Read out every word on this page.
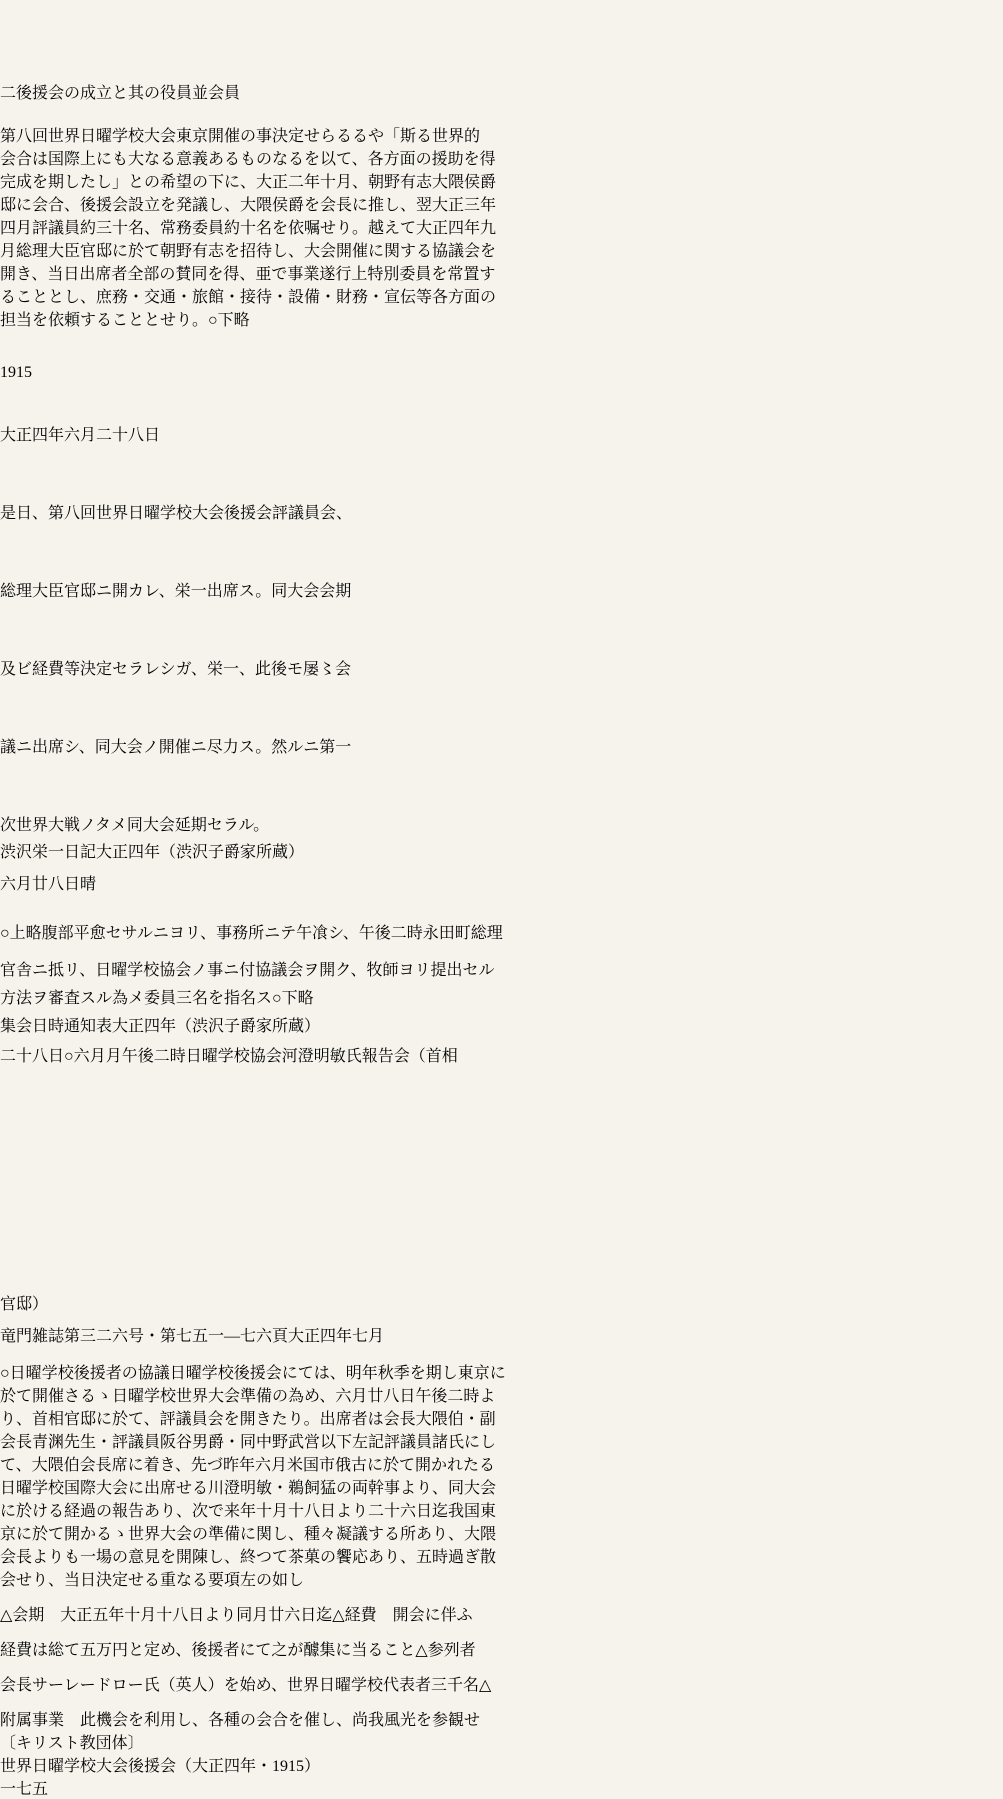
二後援会の成立と其の役員並会員
第八回世界日曜学校大会東京開催の事決定せらるるや「斯る世界的
会合は国際上にも大なる意義あるものなるを以て、各方面の援助を得
完成を期したし」との希望の下に、大正二年十月、朝野有志大隈侯爵
邸に会合、後援会設立を発議し、大隈侯爵を会長に推し、翌大正三年
四月評議員約三十名、常務委員約十名を依嘱せり。越えて大正四年九
月総理大臣官邸に於て朝野有志を招待し、大会開催に関する協議会を
開き、当日出席者全部の賛同を得、亜で事業遂行上特別委員を常置す
ることとし、庶務・交通・旅館・接待・設備・財務・宣伝等各方面の
担当を依頼することとせり。○下略
1915
大正四年六月二十八日
是日、第八回世界日曜学校大会後援会評議員会、
総理大臣官邸ニ開カレ、栄一出席ス。同大会会期
及ビ経費等決定セラレシガ、栄一、此後モ屡〻会
議ニ出席シ、同大会ノ開催ニ尽力ス。然ルニ第一
次世界大戦ノタメ同大会延期セラル。
渋沢栄一日記大正四年（渋沢子爵家所蔵）
六月廿八日晴
○上略腹部平愈セサルニヨリ、事務所ニテ午飡シ、午後二時永田町総理
官舎ニ抵リ、日曜学校協会ノ事ニ付協議会ヲ開ク、牧師ヨリ提出セル
方法ヲ審査スル為メ委員三名を指名ス○下略
集会日時通知表大正四年（渋沢子爵家所蔵）
二十八日○六月月午後二時日曜学校協会河澄明敏氏報告会（首相
官邸）
竜門雑誌第三二六号・第七五一―七六頁大正四年七月
○日曜学校後援者の協議日曜学校後援会にては、明年秋季を期し東京に
於て開催さるゝ日曜学校世界大会準備の為め、六月廿八日午後二時よ
り、首相官邸に於て、評議員会を開きたり。出席者は会長大隈伯・副
会長青渊先生・評議員阪谷男爵・同中野武営以下左記評議員諸氏にし
て、大隈伯会長席に着き、先づ昨年六月米国市俄古に於て開かれたる
日曜学校国際大会に出席せる川澄明敏・鵜飼猛の両幹事より、同大会
に於ける経過の報告あり、次で来年十月十八日より二十六日迄我国東
京に於て開かるゝ世界大会の準備に関し、種々凝議する所あり、大隈
会長よりも一場の意見を開陳し、終つて茶菓の饗応あり、五時過ぎ散
会せり、当日決定せる重なる要項左の如し
△会期　大正五年十月十八日より同月廿六日迄△経費　開会に伴ふ
経費は総て五万円と定め、後援者にて之が醵集に当ること△参列者
会長サーレードロー氏（英人）を始め、世界日曜学校代表者三千名△
附属事業　此機会を利用し、各種の会合を催し、尚我風光を参観せ
〔キリスト教団体〕
世界日曜学校大会後援会（大正四年・1915）
一七五
